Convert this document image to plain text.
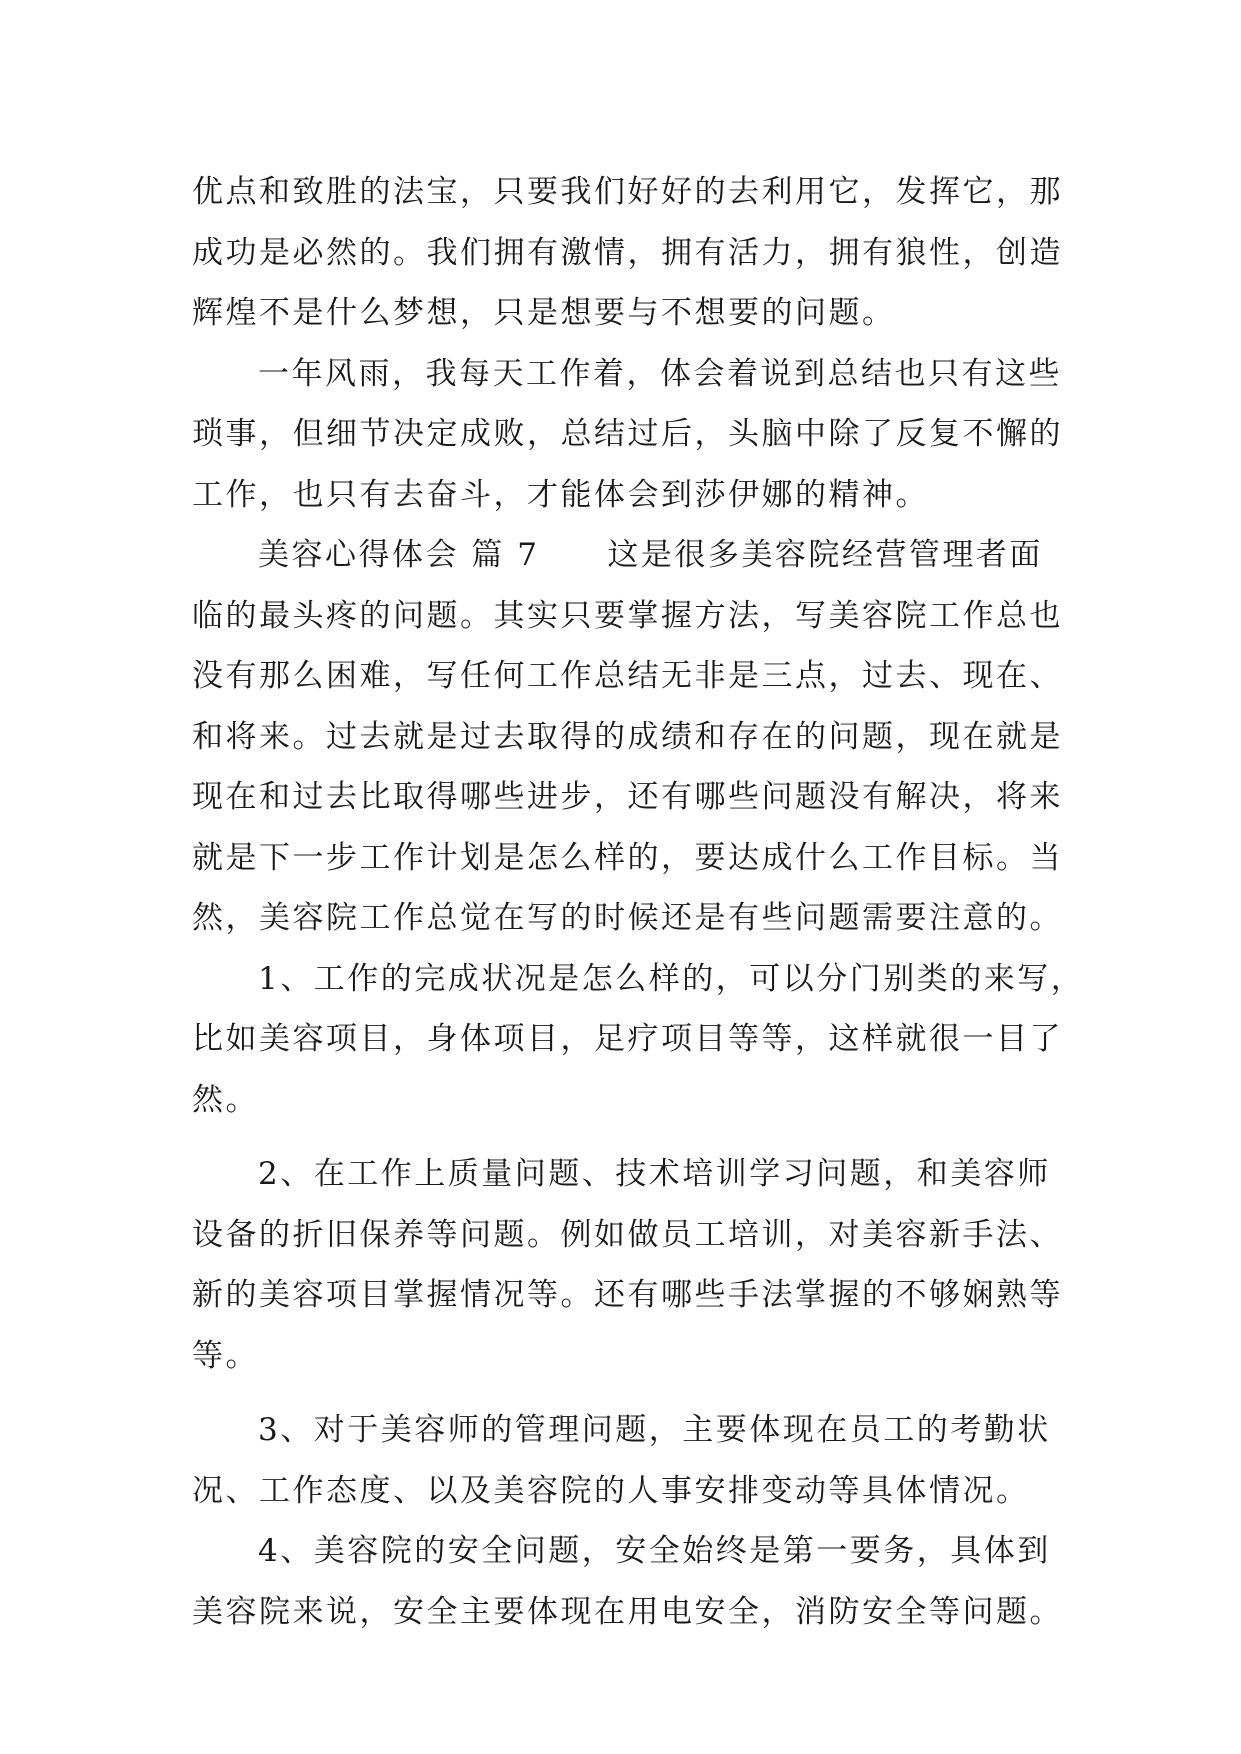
优点和致胜的法宝，只要我们好好的去利用它，发挥它，那
成功是必然的。我们拥有激情，拥有活力，拥有狼性，创造
辉煌不是什么梦想，只是想要与不想要的问题。
一年风雨，我每天工作着，体会着说到总结也只有这些
琐事，但细节决定成败，总结过后，头脑中除了反复不懈的
工作，也只有去奋斗，才能体会到莎伊娜的精神。
美容心得体会 篇 7 这是很多美容院经营管理者面
临的最头疼的问题。其实只要掌握方法，写美容院工作总也
没有那么困难，写任何工作总结无非是三点，过去、现在、
和将来。过去就是过去取得的成绩和存在的问题，现在就是
现在和过去比取得哪些进步，还有哪些问题没有解决，将来
就是下一步工作计划是怎么样的，要达成什么工作目标。当
然，美容院工作总觉在写的时候还是有些问题需要注意的。
1、工作的完成状况是怎么样的，可以分门别类的来写，
比如美容项目，身体项目，足疗项目等等，这样就很一目了
然。
2、在工作上质量问题、技术培训学习问题，和美容师
设备的折旧保养等问题。例如做员工培训，对美容新手法、
新的美容项目掌握情况等。还有哪些手法掌握的不够娴熟等
等。
3、对于美容师的管理问题，主要体现在员工的考勤状
况、工作态度、以及美容院的人事安排变动等具体情况。
4、美容院的安全问题，安全始终是第一要务，具体到
美容院来说，安全主要体现在用电安全，消防安全等问题。
